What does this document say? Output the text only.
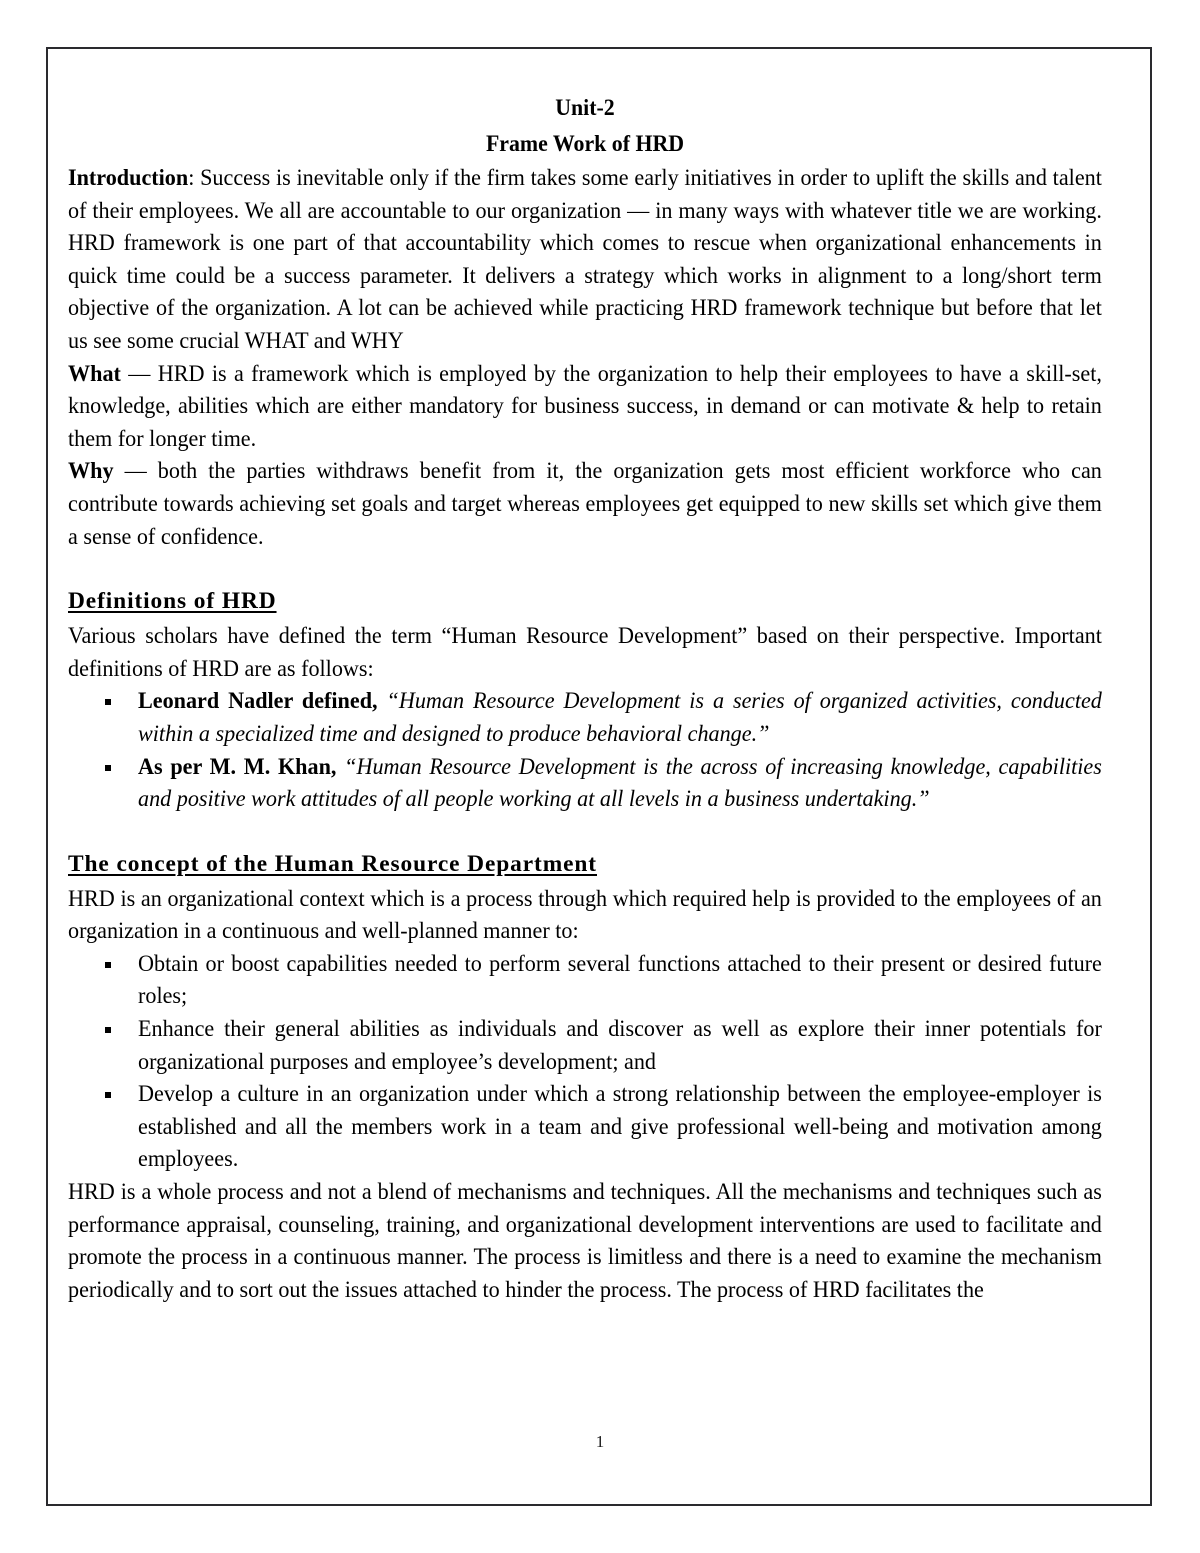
Unit-2
Frame Work of HRD

Introduction: Success is inevitable only if the firm takes some early initiatives in order to uplift the skills and talent of their employees. We all are accountable to our organization — in many ways with whatever title we are working. HRD framework is one part of that accountability which comes to rescue when organizational enhancements in quick time could be a success parameter. It delivers a strategy which works in alignment to a long/short term objective of the organization. A lot can be achieved while practicing HRD framework technique but before that let us see some crucial WHAT and WHY

What — HRD is a framework which is employed by the organization to help their employees to have a skill-set, knowledge, abilities which are either mandatory for business success, in demand or can motivate & help to retain them for longer time.

Why — both the parties withdraws benefit from it, the organization gets most efficient workforce who can contribute towards achieving set goals and target whereas employees get equipped to new skills set which give them a sense of confidence.

Definitions of HRD

Various scholars have defined the term “Human Resource Development” based on their perspective. Important definitions of HRD are as follows:

Leonard Nadler defined, “Human Resource Development is a series of organized activities, conducted within a specialized time and designed to produce behavioral change.”
As per M. M. Khan, “Human Resource Development is the across of increasing knowledge, capabilities and positive work attitudes of all people working at all levels in a business undertaking.”
The concept of the Human Resource Department

HRD is an organizational context which is a process through which required help is provided to the employees of an organization in a continuous and well-planned manner to:

Obtain or boost capabilities needed to perform several functions attached to their present or desired future roles;
Enhance their general abilities as individuals and discover as well as explore their inner potentials for organizational purposes and employee’s development; and
Develop a culture in an organization under which a strong relationship between the employee-employer is established and all the members work in a team and give professional well-being and motivation among employees.

HRD is a whole process and not a blend of mechanisms and techniques. All the mechanisms and techniques such as performance appraisal, counseling, training, and organizational development interventions are used to facilitate and promote the process in a continuous manner. The process is limitless and there is a need to examine the mechanism periodically and to sort out the issues attached to hinder the process. The process of HRD facilitates the

1
